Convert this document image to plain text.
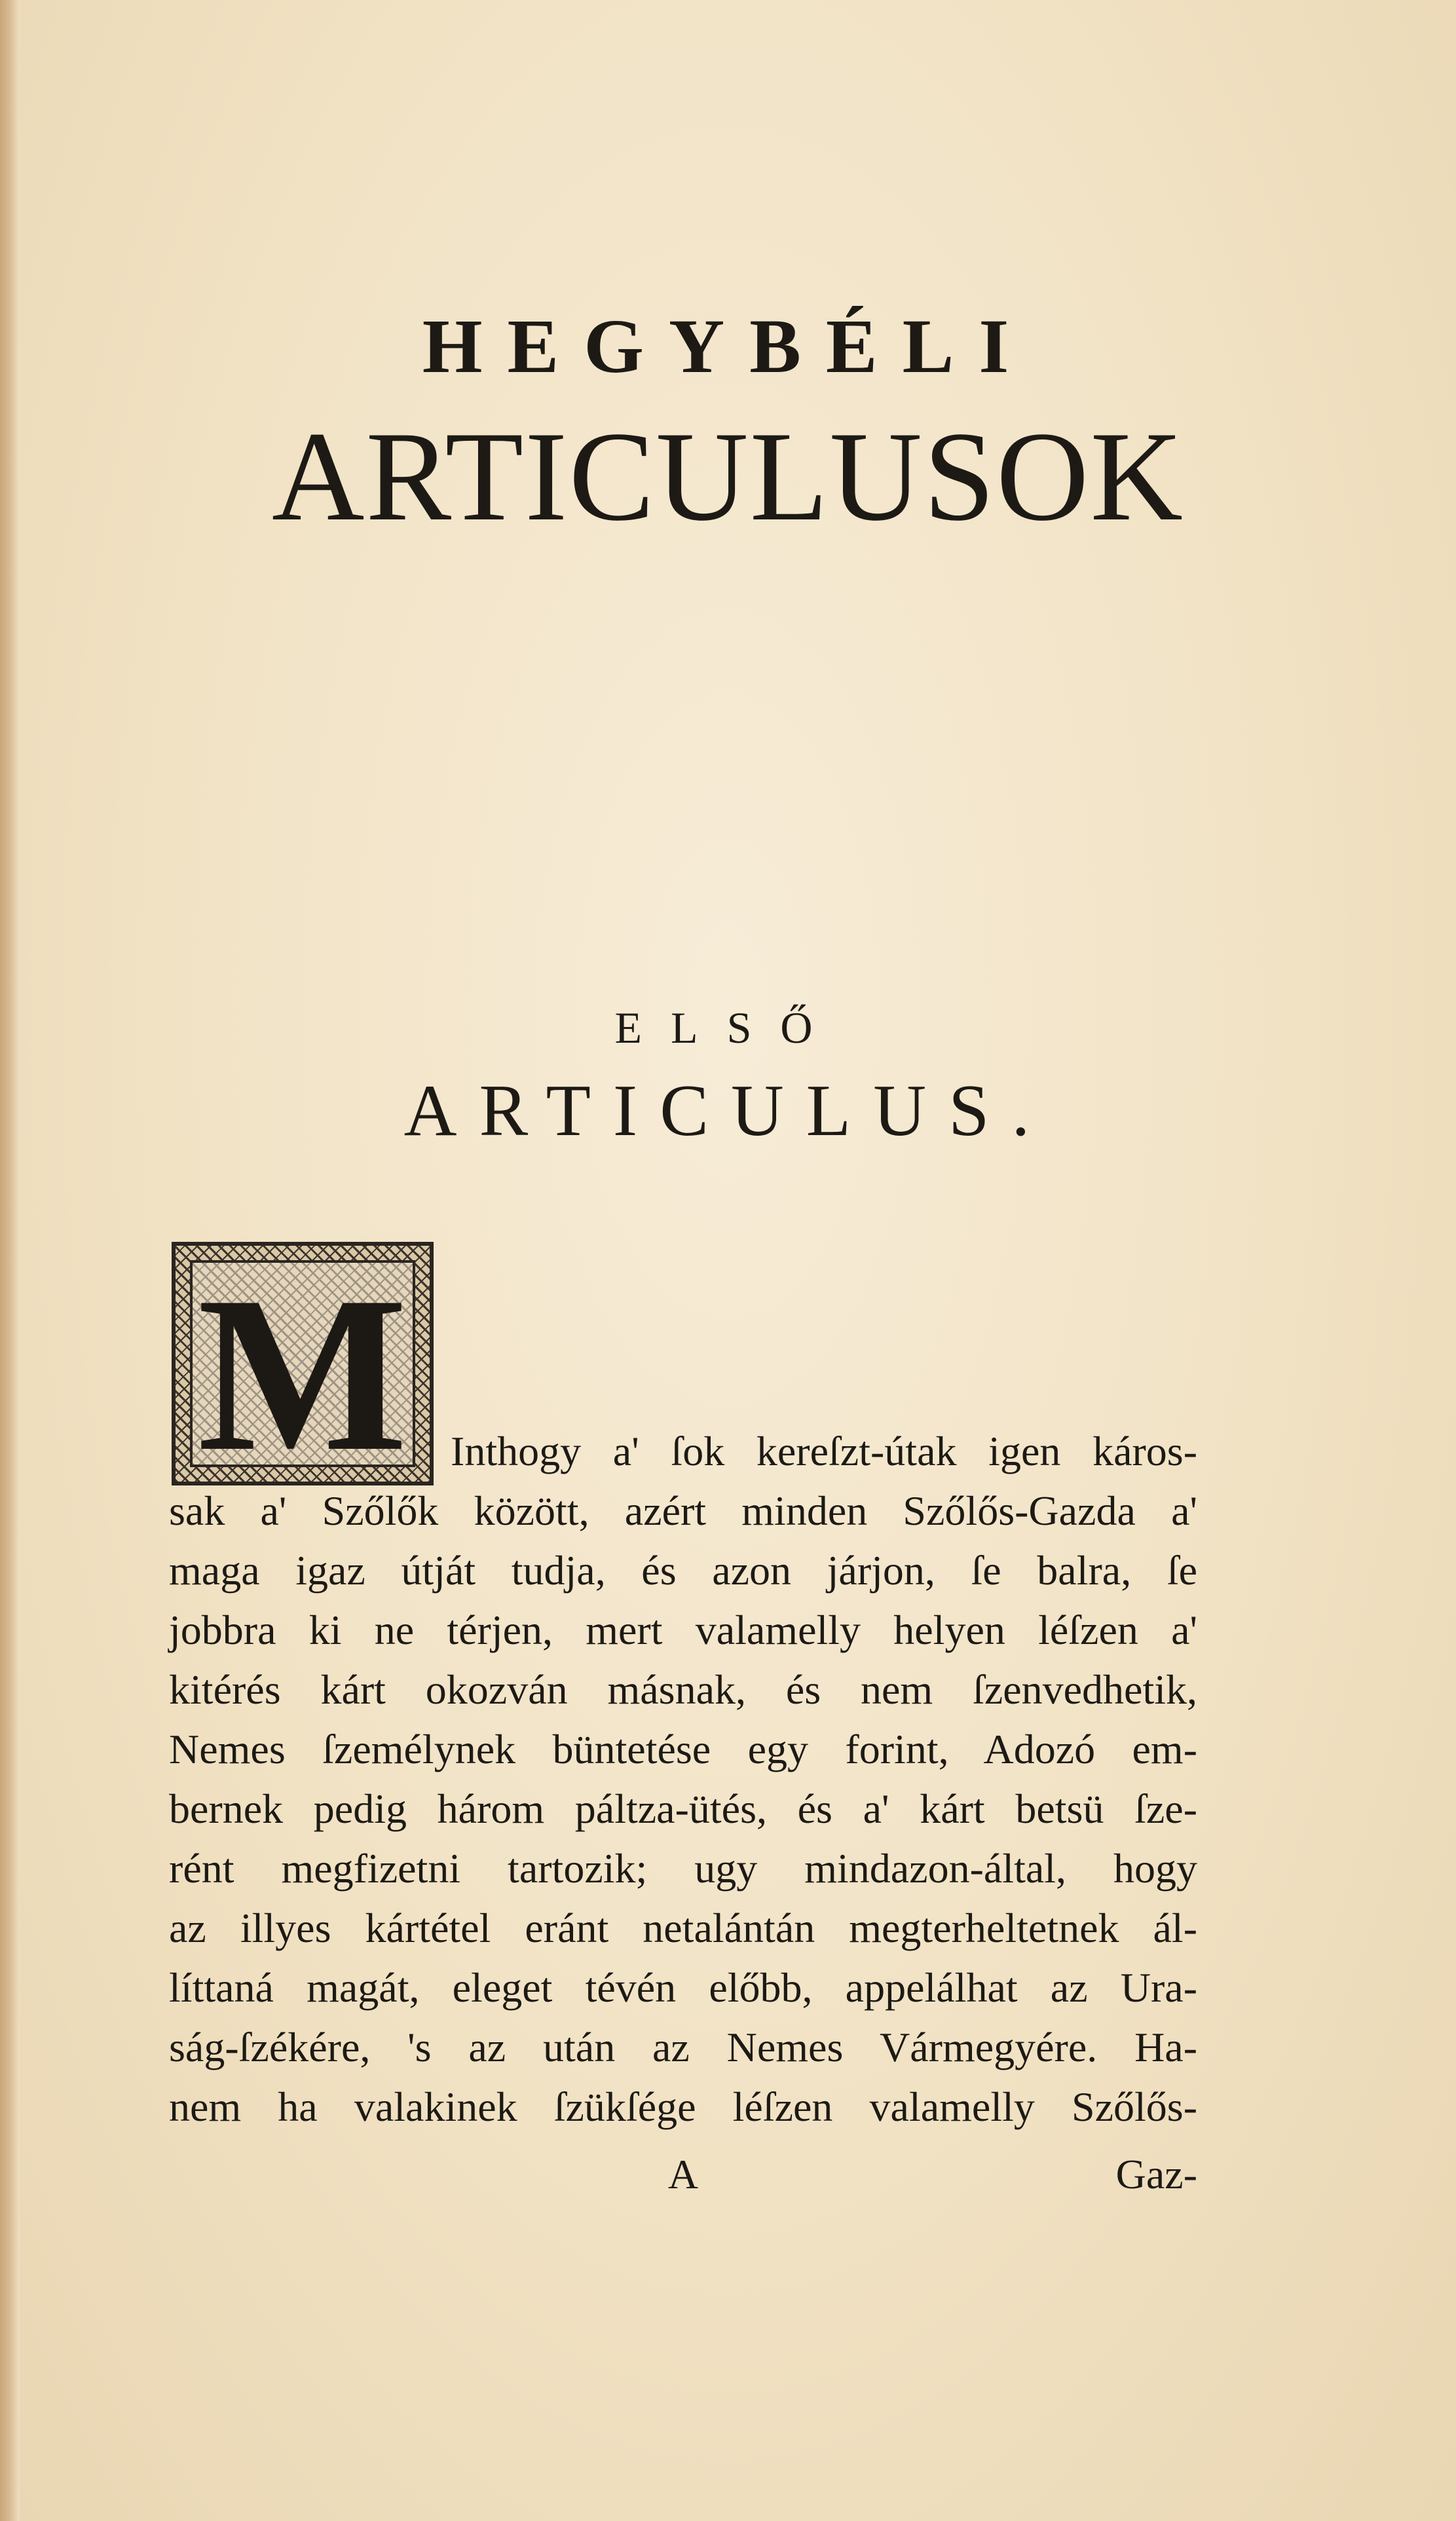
HEGYBÉLI
ARTICULUSOK
ELSŐ
ARTICULUS.
M	Inthogy a' ſok kereſzt-útak igen káros-
sak a' Szőlők között, azért minden Szőlős-Gazda a'
maga igaz útját tudja, és azon járjon, ſe balra, ſe
jobbra ki ne térjen, mert valamelly helyen léſzen a'
kitérés kárt okozván másnak, és nem ſzenvedhetik,
Nemes ſzemélynek büntetése egy forint, Adozó em-
bernek pedig három páltza-ütés, és a' kárt betsü ſze-
rént megfizetni tartozik; ugy mindazon-által, hogy
az illyes kártétel eránt netalántán megterheltetnek ál-
líttaná magát, eleget tévén előbb, appelálhat az Ura-
ság-ſzékére, 's az után az Nemes Vármegyére. Ha-
nem ha valakinek ſzükſége léſzen valamelly Szőlős-
A	Gaz-
